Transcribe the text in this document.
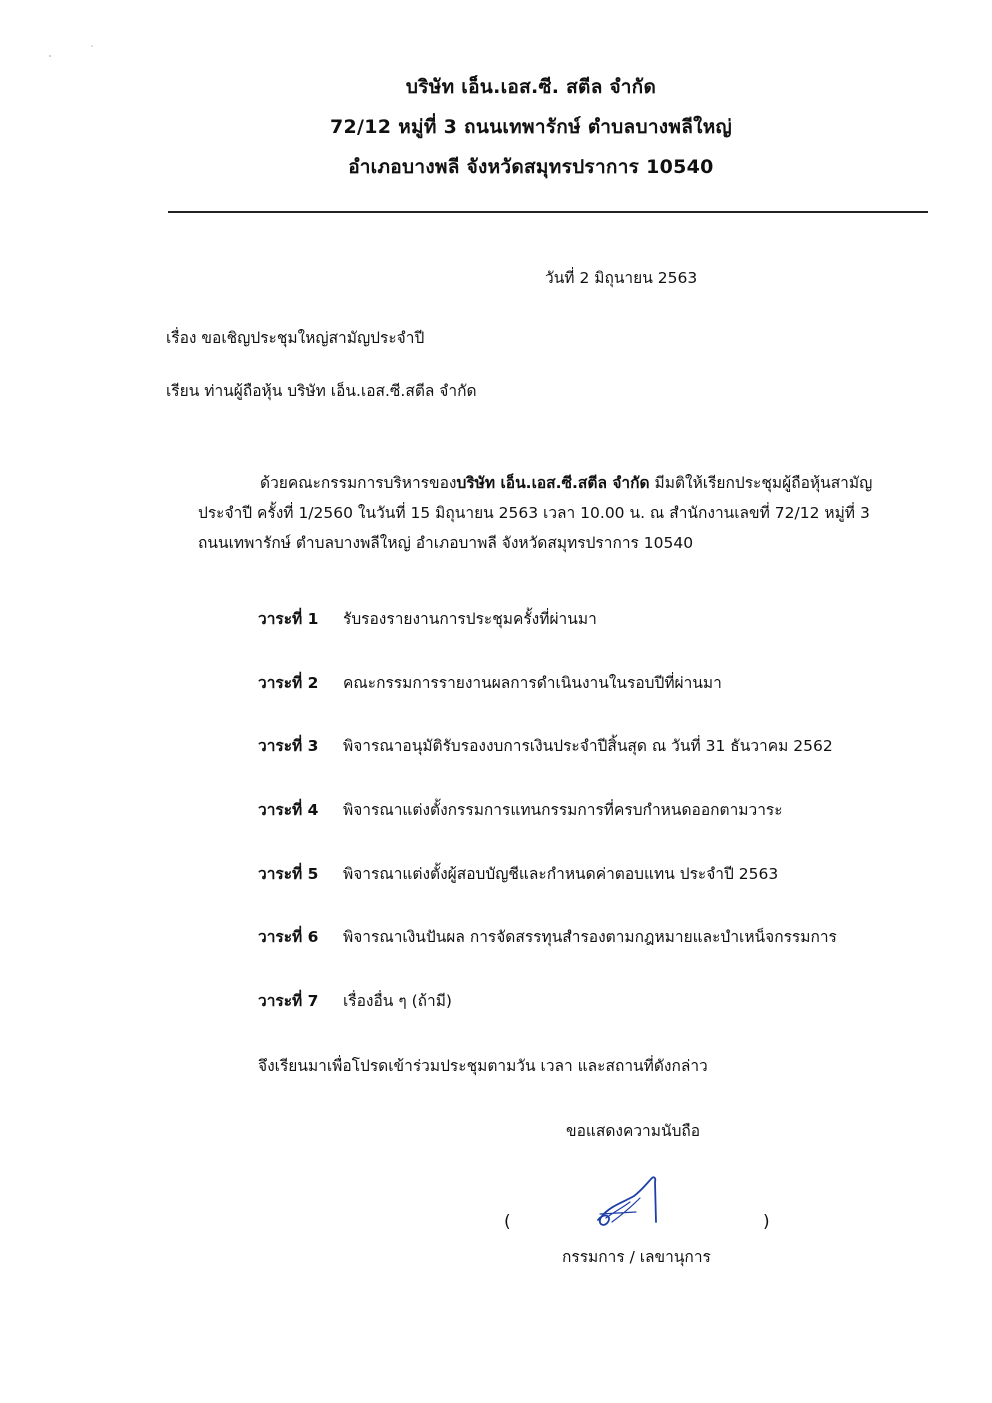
บริษัท เอ็น.เอส.ซี. สตีล จำกัด
72/12 หมู่ที่ 3 ถนนเทพารักษ์ ตำบลบางพลีใหญ่
อำเภอบางพลี จังหวัดสมุทรปราการ 10540
วันที่ 2 มิถุนายน 2563
เรื่อง ขอเชิญประชุมใหญ่สามัญประจำปี
เรียน ท่านผู้ถือหุ้น บริษัท เอ็น.เอส.ซี.สตีล จำกัด
ด้วยคณะกรรมการบริหารของบริษัท เอ็น.เอส.ซี.สตีล จำกัด มีมติให้เรียกประชุมผู้ถือหุ้นสามัญ
ประจำปี ครั้งที่ 1/2560 ในวันที่ 15 มิถุนายน 2563 เวลา 10.00 น. ณ สำนักงานเลขที่ 72/12 หมู่ที่ 3
ถนนเทพารักษ์ ตำบลบางพลีใหญ่ อำเภอบาพลี จังหวัดสมุทรปราการ 10540
วาระที่ 1 รับรองรายงานการประชุมครั้งที่ผ่านมา
วาระที่ 2 คณะกรรมการรายงานผลการดำเนินงานในรอบปีที่ผ่านมา
วาระที่ 3 พิจารณาอนุมัติรับรองงบการเงินประจำปีสิ้นสุด ณ วันที่ 31 ธันวาคม 2562
วาระที่ 4 พิจารณาแต่งตั้งกรรมการแทนกรรมการที่ครบกำหนดออกตามวาระ
วาระที่ 5 พิจารณาแต่งตั้งผู้สอบบัญชีและกำหนดค่าตอบแทน ประจำปี 2563
วาระที่ 6 พิจารณาเงินปันผล การจัดสรรทุนสำรองตามกฎหมายและบำเหน็จกรรมการ
วาระที่ 7 เรื่องอื่น ๆ (ถ้ามี)
จึงเรียนมาเพื่อโปรดเข้าร่วมประชุมตามวัน เวลา และสถานที่ดังกล่าว
ขอแสดงความนับถือ
(	)
กรรมการ / เลขานุการ
